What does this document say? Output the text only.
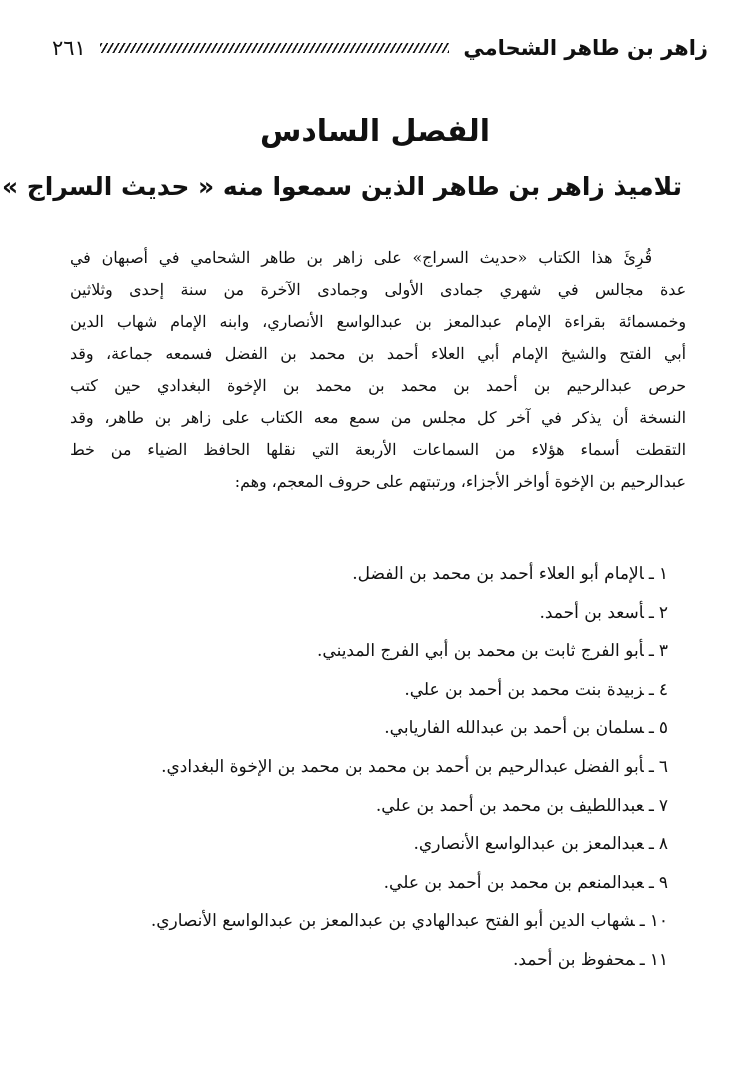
زاهر بن طاهر الشحامي
٢٦١
الفصل السادس
تلاميذ زاهر بن طاهر الذين سمعوا منه « حديث السراج »
قُرِئَ هذا الكتاب «حديث السراج» على زاهر بن طاهر الشحامي في أصبهان في
عدة مجالس في شهري جمادى الأولى وجمادى الآخرة من سنة إحدى وثلاثين
وخمسمائة بقراءة الإمام عبدالمعز بن عبدالواسع الأنصاري، وابنه الإمام شهاب الدين
أبي الفتح والشيخ الإمام أبي العلاء أحمد بن محمد بن الفضل فسمعه جماعة، وقد
حرص عبدالرحيم بن أحمد بن محمد بن محمد بن الإخوة البغدادي حين كتب
النسخة أن يذكر في آخر كل مجلس من سمع معه الكتاب على زاهر بن طاهر، وقد
التقطت أسماء هؤلاء من السماعات الأربعة التي نقلها الحافظ الضياء من خط
عبدالرحيم بن الإخوة أواخر الأجزاء، ورتبتهم على حروف المعجم، وهم:
١ـالإمام أبو العلاء أحمد بن محمد بن الفضل.
٢ـأسعد بن أحمد.
٣ـأبو الفرج ثابت بن محمد بن أبي الفرج المديني.
٤ـزبيدة بنت محمد بن أحمد بن علي.
٥ـسلمان بن أحمد بن عبدالله الفاريابي.
٦ـأبو الفضل عبدالرحيم بن أحمد بن محمد بن محمد بن الإخوة البغدادي.
٧ـعبداللطيف بن محمد بن أحمد بن علي.
٨ـعبدالمعز بن عبدالواسع الأنصاري.
٩ـعبدالمنعم بن محمد بن أحمد بن علي.
١٠ـشهاب الدين أبو الفتح عبدالهادي بن عبدالمعز بن عبدالواسع الأنصاري.
١١ـمحفوظ بن أحمد.
